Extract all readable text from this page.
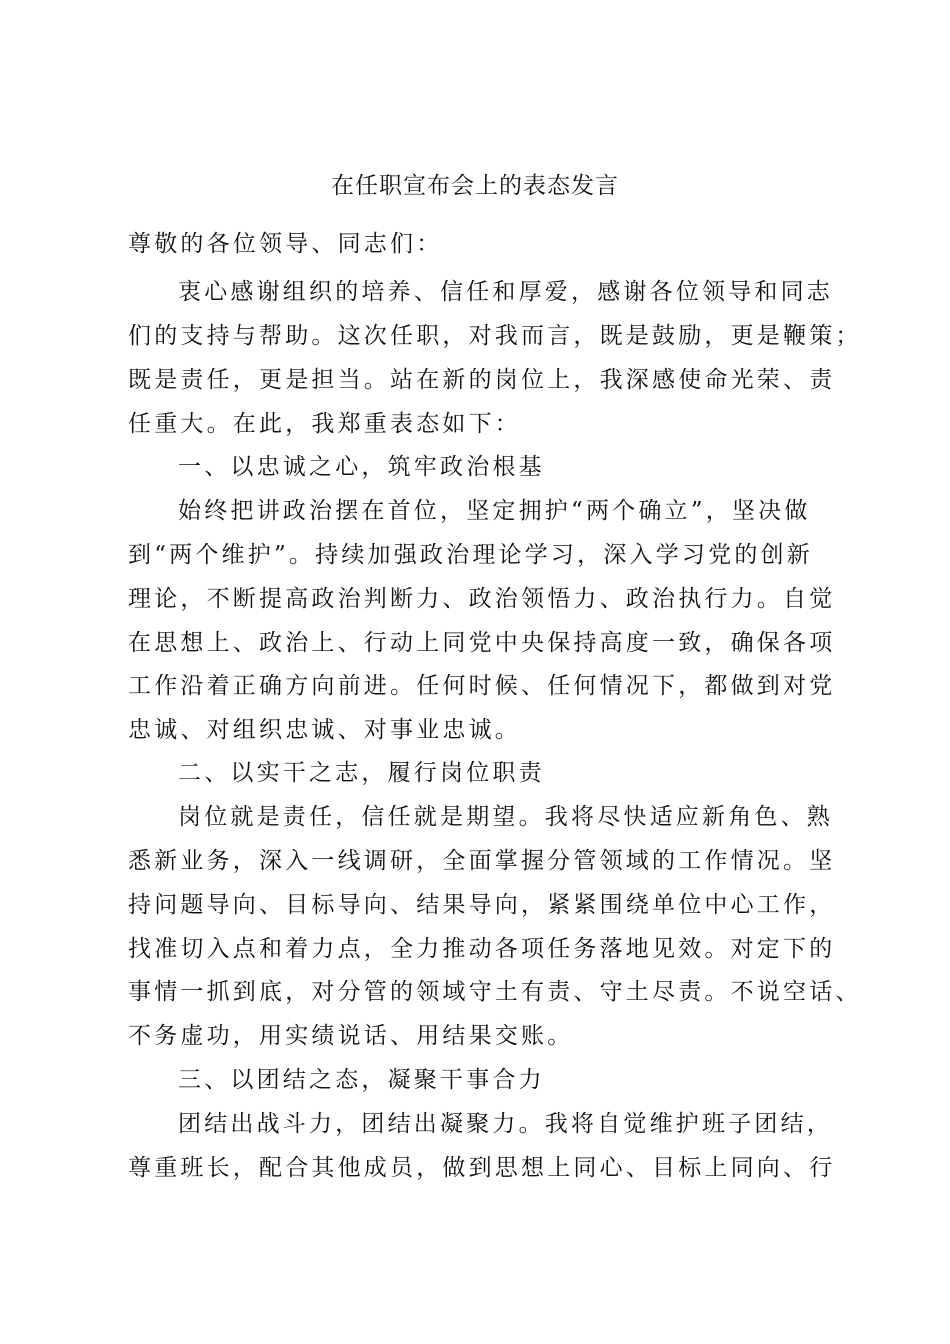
在任职宣布会上的表态发言
尊敬的各位领导、同志们：
衷心感谢组织的培养、信任和厚爱，感谢各位领导和同志
们的支持与帮助。这次任职，对我而言，既是鼓励，更是鞭策；
既是责任，更是担当。站在新的岗位上，我深感使命光荣、责
任重大。在此，我郑重表态如下：
一、以忠诚之心，筑牢政治根基
始终把讲政治摆在首位，坚定拥护“两个确立”，坚决做
到“两个维护”。持续加强政治理论学习，深入学习党的创新
理论，不断提高政治判断力、政治领悟力、政治执行力。自觉
在思想上、政治上、行动上同党中央保持高度一致，确保各项
工作沿着正确方向前进。任何时候、任何情况下，都做到对党
忠诚、对组织忠诚、对事业忠诚。
二、以实干之志，履行岗位职责
岗位就是责任，信任就是期望。我将尽快适应新角色、熟
悉新业务，深入一线调研，全面掌握分管领域的工作情况。坚
持问题导向、目标导向、结果导向，紧紧围绕单位中心工作，
找准切入点和着力点，全力推动各项任务落地见效。对定下的
事情一抓到底，对分管的领域守土有责、守土尽责。不说空话、
不务虚功，用实绩说话、用结果交账。
三、以团结之态，凝聚干事合力
团结出战斗力，团结出凝聚力。我将自觉维护班子团结，
尊重班长，配合其他成员，做到思想上同心、目标上同向、行
